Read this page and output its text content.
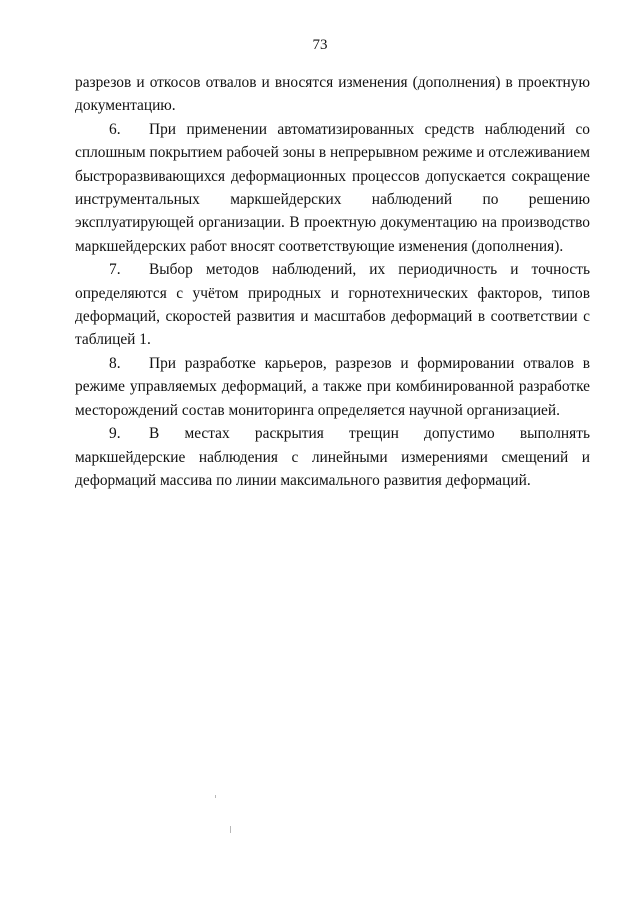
73

разрезов и откосов отвалов и вносятся изменения (дополнения) в проектную документацию.

6. При применении автоматизированных средств наблюдений со сплошным покрытием рабочей зоны в непрерывном режиме и отслеживанием быстроразвивающихся деформационных процессов допускается сокращение инструментальных маркшейдерских наблюдений по решению эксплуатирующей организации. В проектную документацию на производство маркшейдерских работ вносят соответствующие изменения (дополнения).

7. Выбор методов наблюдений, их периодичность и точность определяются с учётом природных и горнотехнических факторов, типов деформаций, скоростей развития и масштабов деформаций в соответствии с таблицей 1.

8. При разработке карьеров, разрезов и формировании отвалов в режиме управляемых деформаций, а также при комбинированной разработке месторождений состав мониторинга определяется научной организацией.

9. В местах раскрытия трещин допустимо выполнять маркшейдерские наблюдения с линейными измерениями смещений и деформаций массива по линии максимального развития деформаций.
